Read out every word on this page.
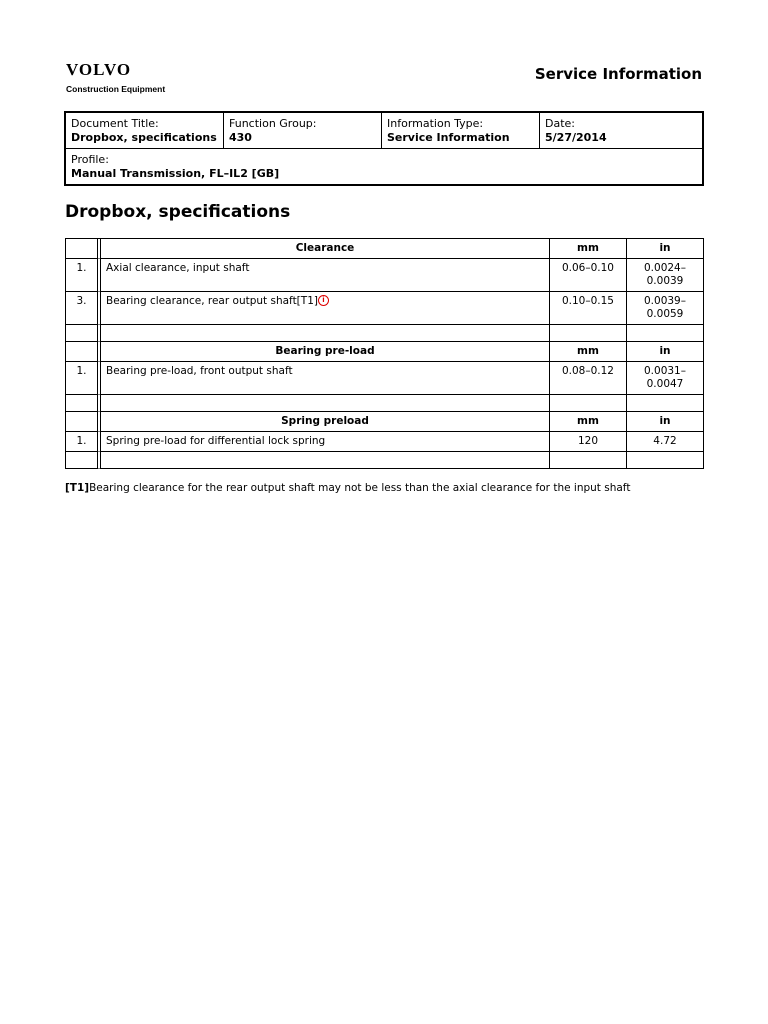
VOLVO
Construction Equipment
Service Information
Document Title:
Dropbox, specifications

Function Group:
430

Information Type:
Service Information

Date:
5/27/2014

Profile:
Manual Transmission, FL–IL2 [GB]
Dropbox, specifications
	Clearance	mm	in
1.	Axial clearance, input shaft	0.06–0.10	0.0024–
0.0039
3.	Bearing clearance, rear output shaft[T1] i	0.10–0.15	0.0039–
0.0059

	Bearing pre-load	mm	in
1.	Bearing pre-load, front output shaft	0.08–0.12	0.0031–
0.0047

	Spring preload	mm	in
1.	Spring pre-load for differential lock spring	120	4.72

[T1]Bearing clearance for the rear output shaft may not be less than the axial clearance for the input shaft
